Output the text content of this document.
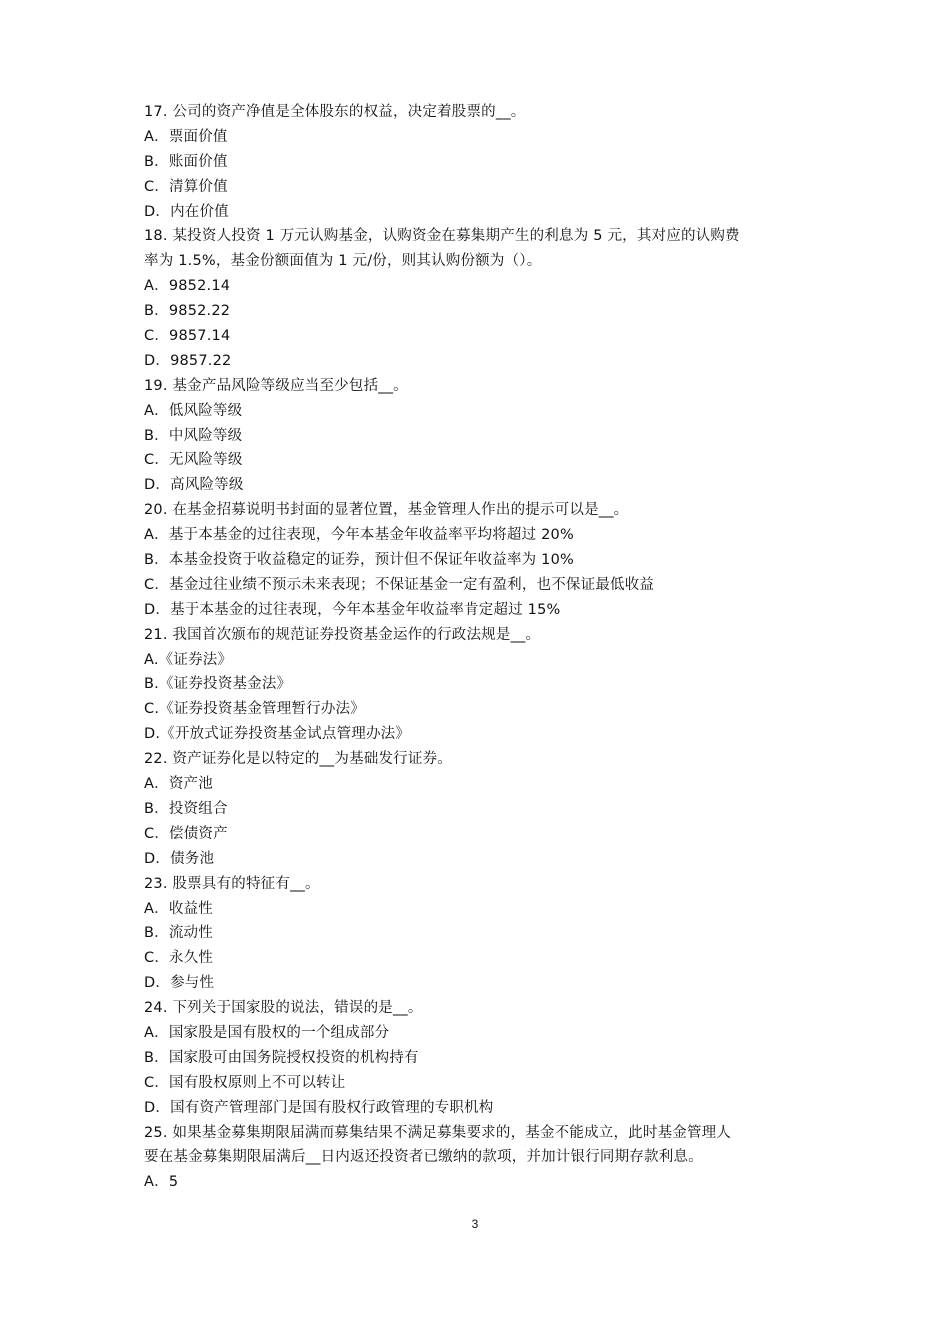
17. 公司的资产净值是全体股东的权益，决定着股票的__。
A．票面价值
B．账面价值
C．清算价值
D．内在价值
18. 某投资人投资 1 万元认购基金，认购资金在募集期产生的利息为 5 元，其对应的认购费
率为 1.5%，基金份额面值为 1 元/份，则其认购份额为（）。
A．9852.14
B．9852.22
C．9857.14
D．9857.22
19. 基金产品风险等级应当至少包括__。
A．低风险等级
B．中风险等级
C．无风险等级
D．高风险等级
20. 在基金招募说明书封面的显著位置，基金管理人作出的提示可以是__。
A．基于本基金的过往表现，今年本基金年收益率平均将超过 20%
B．本基金投资于收益稳定的证券，预计但不保证年收益率为 10%
C．基金过往业绩不预示未来表现；不保证基金一定有盈利，也不保证最低收益
D．基于本基金的过往表现，今年本基金年收益率肯定超过 15%
21. 我国首次颁布的规范证券投资基金运作的行政法规是__。
A.《证券法》
B.《证券投资基金法》
C.《证券投资基金管理暂行办法》
D.《开放式证券投资基金试点管理办法》
22. 资产证券化是以特定的__为基础发行证券。
A．资产池
B．投资组合
C．偿债资产
D．债务池
23. 股票具有的特征有__。
A．收益性
B．流动性
C．永久性
D．参与性
24. 下列关于国家股的说法，错误的是__。
A．国家股是国有股权的一个组成部分
B．国家股可由国务院授权投资的机构持有
C．国有股权原则上不可以转让
D．国有资产管理部门是国有股权行政管理的专职机构
25. 如果基金募集期限届满而募集结果不满足募集要求的，基金不能成立，此时基金管理人
要在基金募集期限届满后__日内返还投资者已缴纳的款项，并加计银行同期存款利息。
A．5
3
